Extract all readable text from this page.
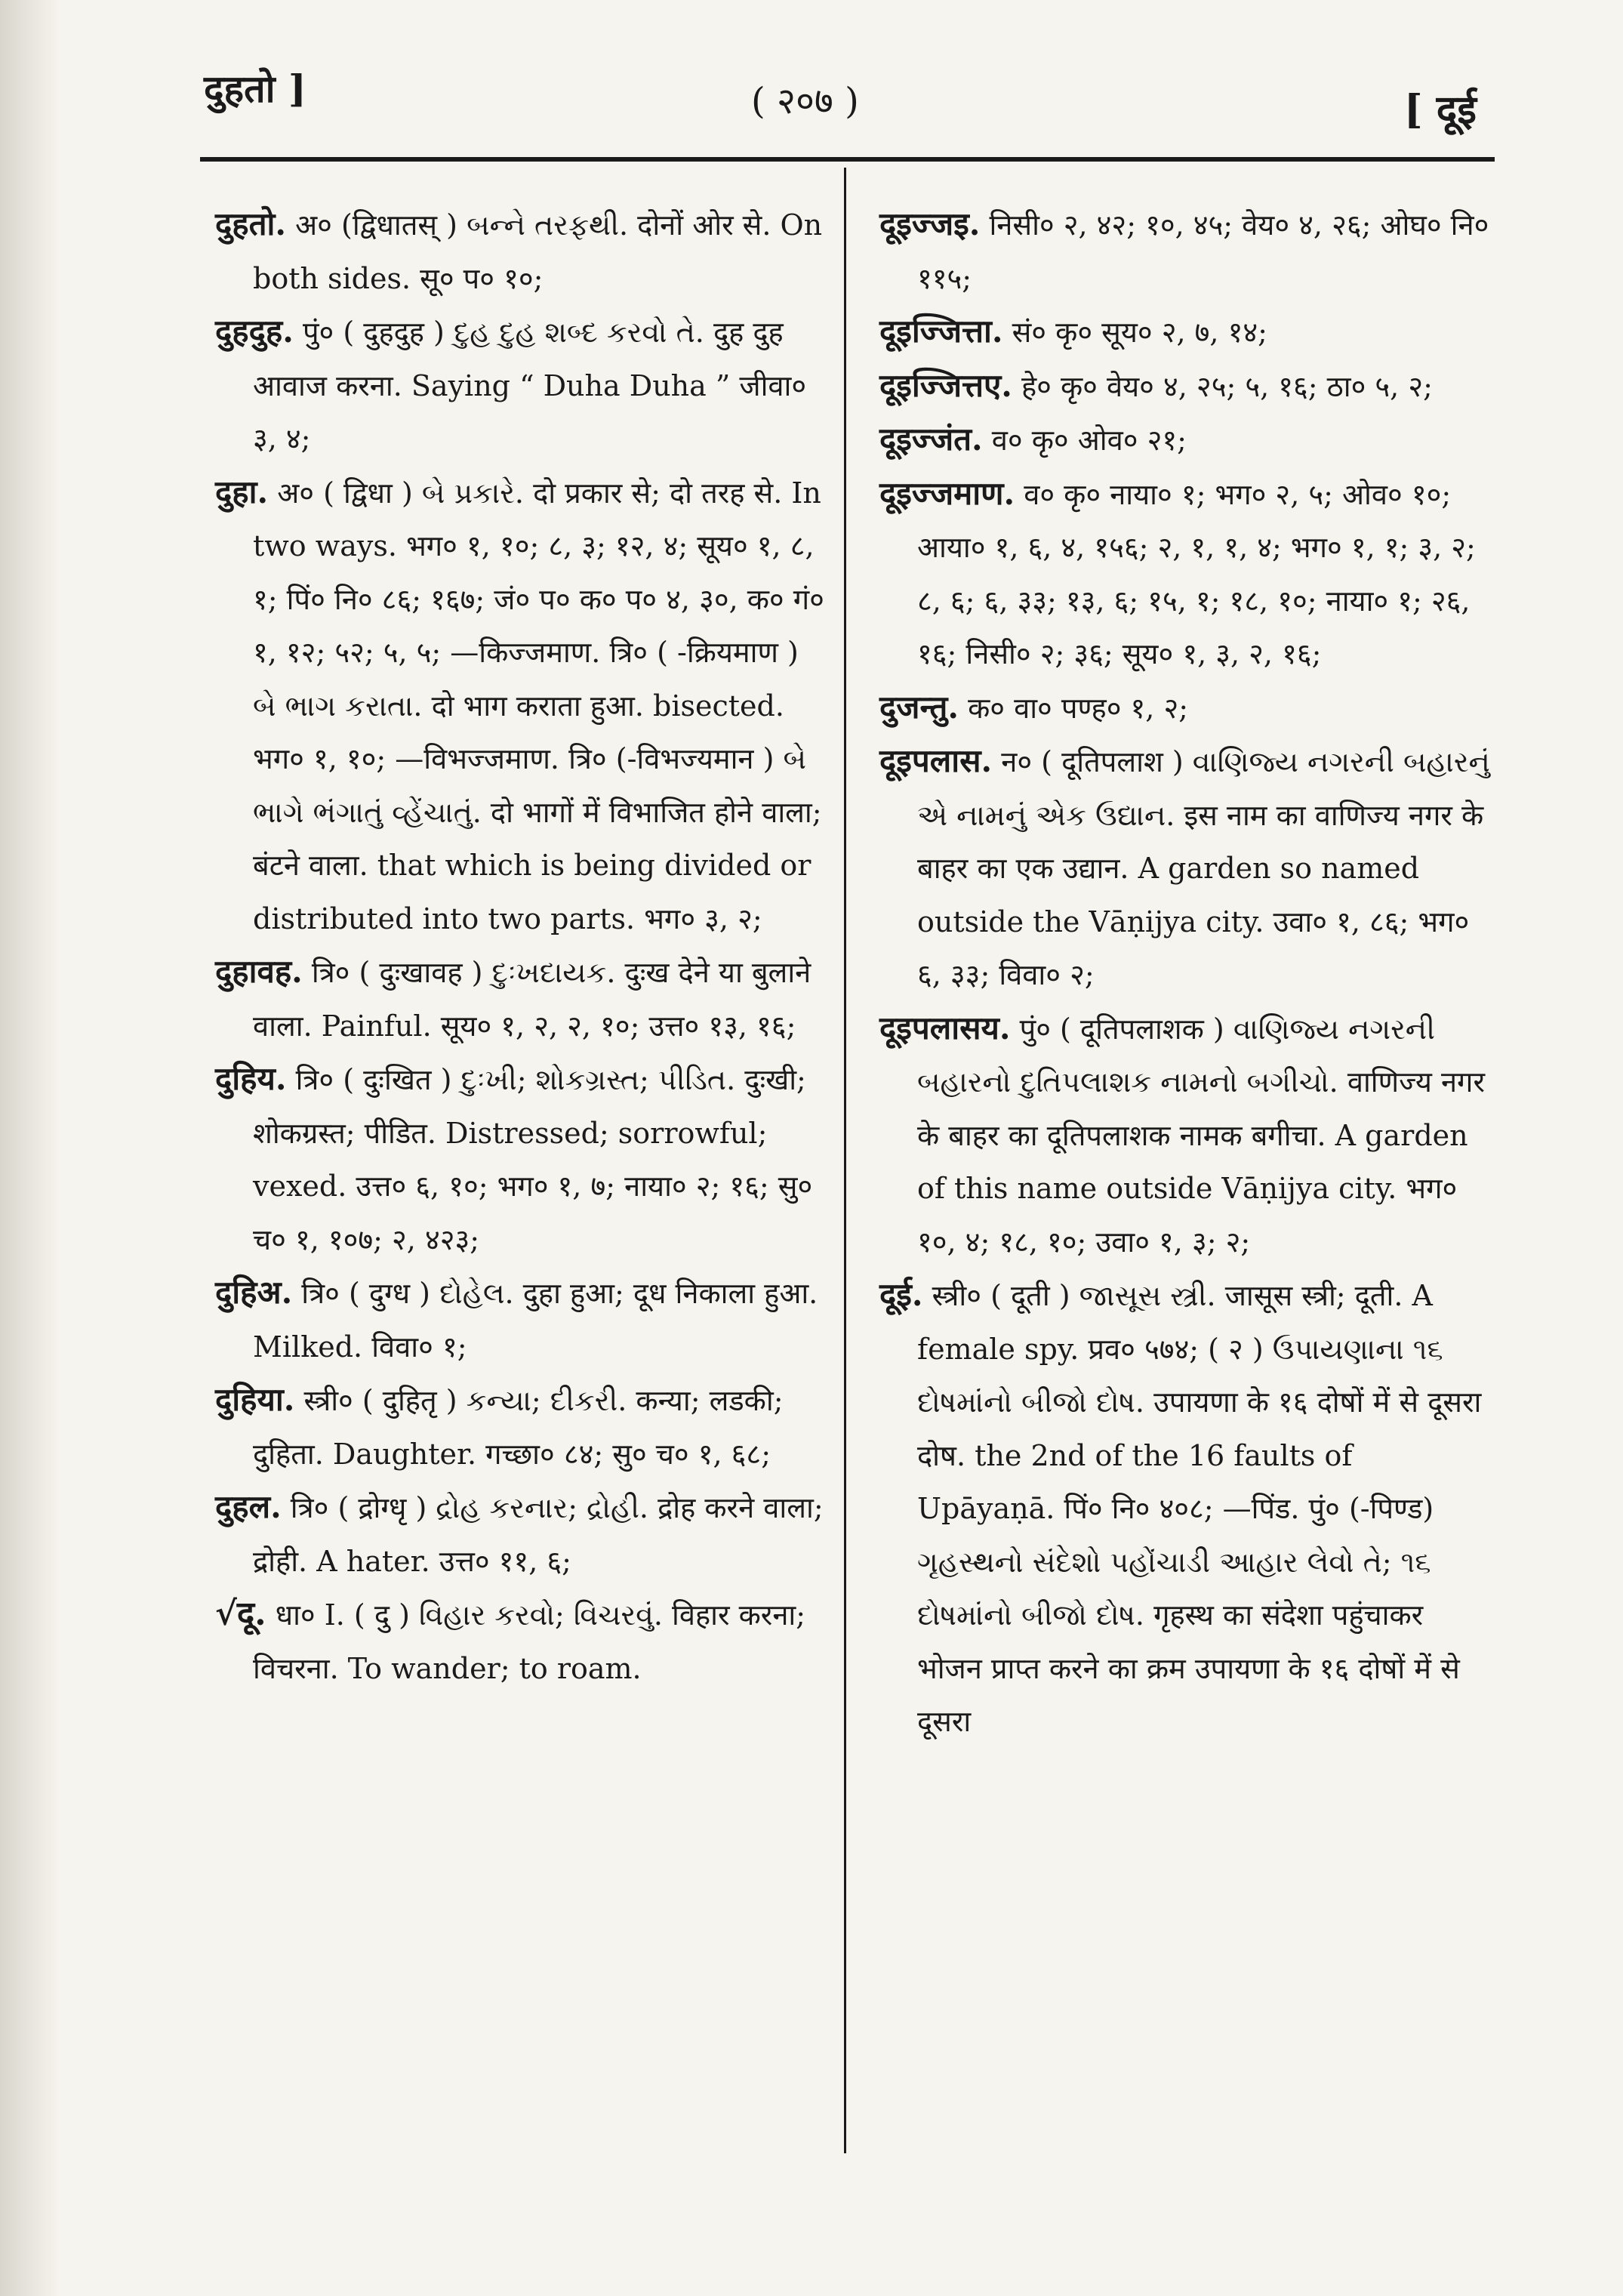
दुहतो ]	( २०७ )	[ दूई

दुहतो. अ० (द्विधातस् ) બન્ને તરફથી. दोनों ओर से. On both sides. सू० प० १०;

दुहदुह. पुं० ( दुहदुह ) દુહ દુહ શબ્દ કરવો તે. दुह दुह आवाज करना. Saying “ Duha Duha ” जीवा० ३, ४;

दुहा. अ० ( द्विधा ) બે પ્રકારે. दो प्रकार से; दो तरह से. In two ways. भग० १, १०; ८, ३; १२, ४; सूय० १, ८, १; पिं० नि० ८६; १६७; जं० प० क० प० ४, ३०, क० गं० १, १२; ५२; ५, ५; —किज्जमाण. त्रि० ( -क्रियमाण ) બે ભાગ કરાતા. दो भाग कराता हुआ. bisected. भग० १, १०; —विभज्जमाण. त्रि० (-विभज्यमान ) બે ભાગે ભંગાતું વ્હેંચાતું. दो भागों में विभाजित होने वाला; बंटने वाला. that which is being divided or distributed into two parts. भग० ३, २;

दुहावह. त्रि० ( दुःखावह ) દુઃખદાયક. दुःख देने या बुलाने वाला. Painful. सूय० १, २, २, १०; उत्त० १३, १६;

दुहिय. त्रि० ( दुःखित ) દુઃખી; શોકગ્રસ્ત; પીડિત. दुःखी; शोकग्रस्त; पीडित. Distressed; sorrowful; vexed. उत्त० ६, १०; भग० १, ७; नाया० २; १६; सु० च० १, १०७; २, ४२३;

दुहिअ. त्रि० ( दुग्ध ) દોહેલ. दुहा हुआ; दूध निकाला हुआ. Milked. विवा० १;

दुहिया. स्त्री० ( दुहितृ ) કન્યા; દીકરી. कन्या; लडकी; दुहिता. Daughter. गच्छा० ८४; सु० च० १, ६८;

दुहल. त्रि० ( द्रोग्धृ ) દ્રોહ કરનાર; દ્રોહી. द्रोह करने वाला; द्रोही. A hater. उत्त० ११, ६;

√दू. धा० I. ( दु ) વિહાર કરવો; વિચરવું. विहार करना; विचरना. To wander; to roam.

दूइज्जइ. निसी० २, ४२; १०, ४५; वेय० ४, २६; ओघ० नि० ११५;

दूइज्जित्ता. सं० कृ० सूय० २, ७, १४;

दूइज्जित्तए. हे० कृ० वेय० ४, २५; ५, १६; ठा० ५, २;

दूइज्जंत. व० कृ० ओव० २१;

दूइज्जमाण. व० कृ० नाया० १; भग० २, ५; ओव० १०; आया० १, ६, ४, १५६; २, १, १, ४; भग० १, १; ३, २; ८, ६; ६, ३३; १३, ६; १५, १; १८, १०; नाया० १; २६, १६; निसी० २; ३६; सूय० १, ३, २, १६;

दुजन्तु. क० वा० पण्ह० १, २;

दूइपलास. न० ( दूतिपलाश ) વાણિજ્ય નગરની બહારનું એ નામનું એક ઉદ્યાન. इस नाम का वाणिज्य नगर के बाहर का एक उद्यान. A garden so named outside the Vāṇijya city. उवा० १, ८६; भग० ६, ३३; विवा० २;

दूइपलासय. पुं० ( दूतिपलाशक ) વાણિજ્ય નગરની બહારનો દુતિપલાશક નામનો બગીચો. वाणिज्य नगर के बाहर का दूतिपलाशक नामक बगीचा. A garden of this name outside Vāṇijya city. भग० १०, ४; १८, १०; उवा० १, ३; २;

दूई. स्त्री० ( दूती ) જાસૂસ સ્ત્રી. जासूस स्त्री; दूती. A female spy. प्रव० ५७४; ( २ ) ઉપાયણાના ૧૬ દોષમાંનો બીજો દોષ. उपायणा के १६ दोषों में से दूसरा दोष. the 2nd of the 16 faults of Upāyaṇā. पिं० नि० ४०८; —पिंड. पुं० (-पिण्ड) ગૃહસ્થનો સંદેશો પહોંચાડી આહાર લેવો તે; ૧૬ દોષમાંનો બીજો દોષ. गृहस्थ का संदेशा पहुंचाकर भोजन प्राप्त करने का क्रम उपायणा के १६ दोषों में से दूसरा
